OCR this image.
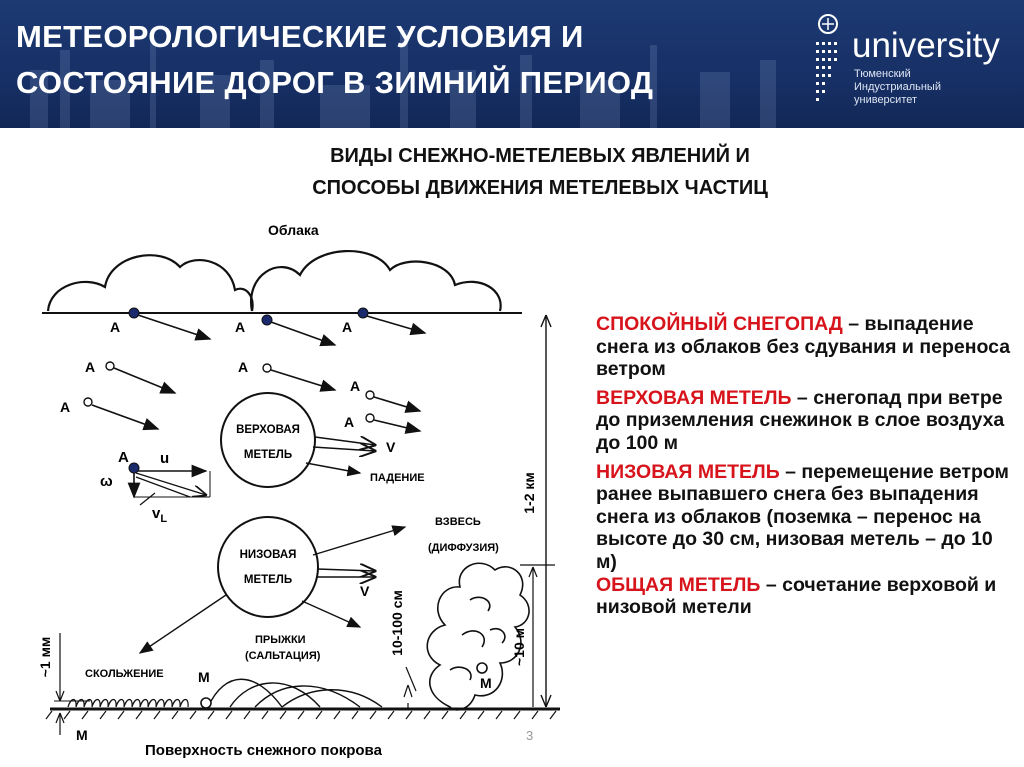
МЕТЕОРОЛОГИЧЕСКИЕ УСЛОВИЯ И
СОСТОЯНИЕ ДОРОГ В ЗИМНИЙ ПЕРИОД
university
Тюменский
Индустриальный
университет
ВИДЫ СНЕЖНО-МЕТЕЛЕВЫХ ЯВЛЕНИЙ И
СПОСОБЫ ДВИЖЕНИЯ МЕТЕЛЕВЫХ ЧАСТИЦ
Облака
А	А	А
А
А
А
А
А
А u
ω
$v_L$
ВЕРХОВАЯ
МЕТЕЛЬ	V
ПАДЕНИЕ
НИЗОВАЯ
МЕТЕЛЬ
V
ВЗВЕСЬ
(ДИФФУЗИЯ)
М
1-2 км
~10 м
10-100 см
ПРЫЖКИ
(САЛЬТАЦИЯ)
М
СКОЛЬЖЕНИЕ
~1 мм
М
Поверхность снежного покрова

СПОКОЙНЫЙ СНЕГОПАД – выпадение снега из облаков без сдувания и переноса ветром

ВЕРХОВАЯ МЕТЕЛЬ – снегопад при ветре до приземления снежинок в слое воздуха до 100 м

НИЗОВАЯ МЕТЕЛЬ – перемещение ветром ранее выпавшего снега без выпадения снега из облаков (поземка – перенос на высоте до 30 см, низовая метель – до 10 м)

ОБЩАЯ МЕТЕЛЬ – сочетание верховой и низовой метели

3
